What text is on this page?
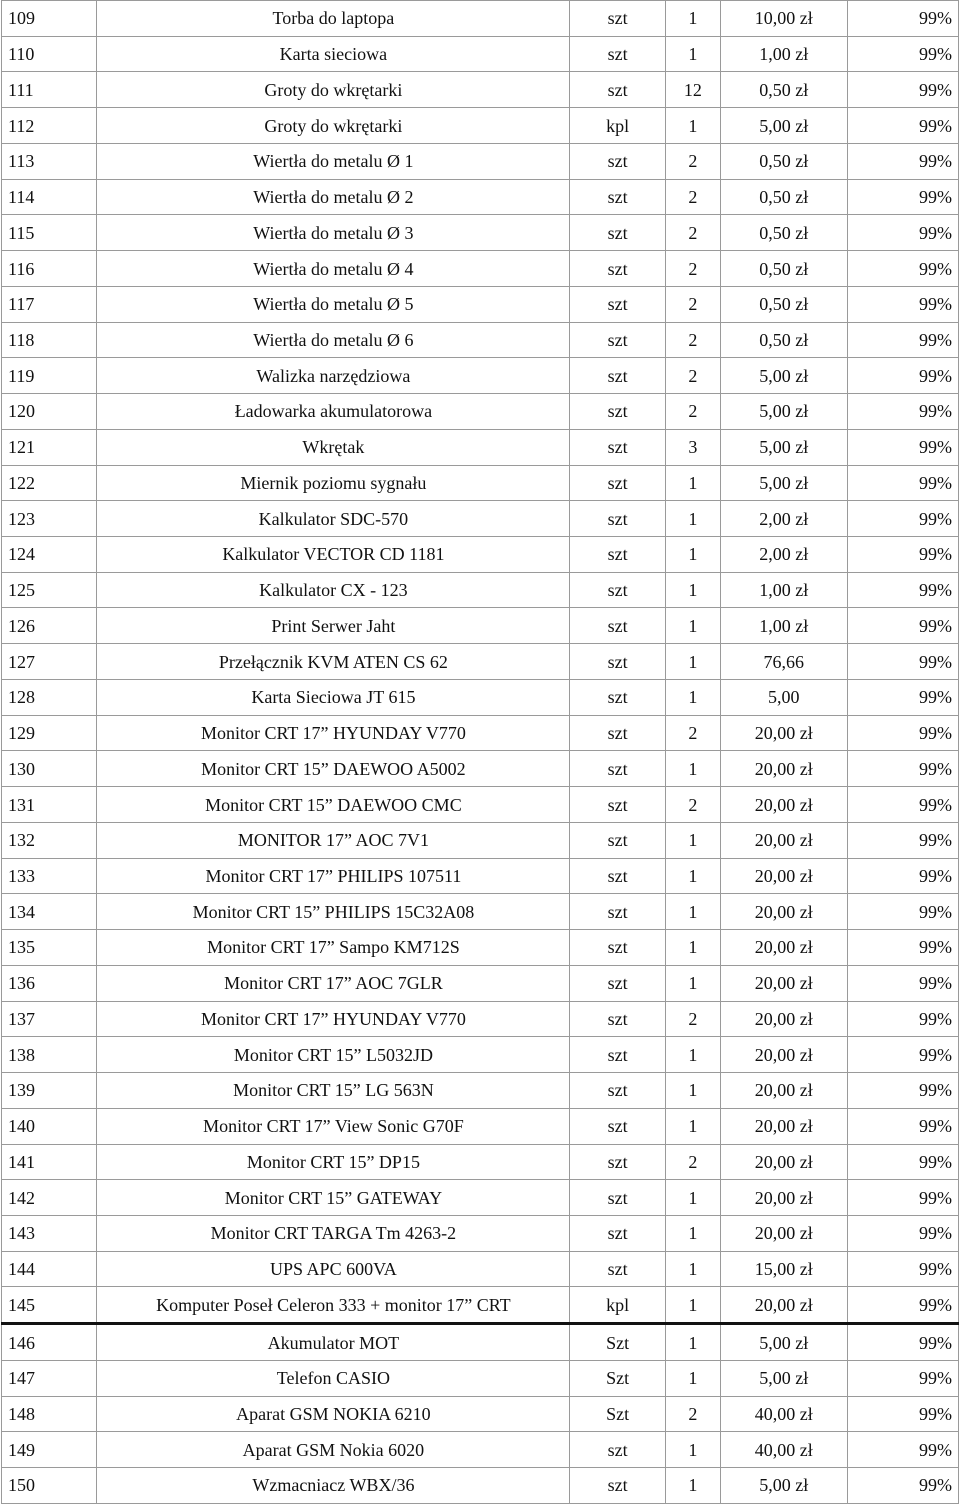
109	Torba do laptopa	szt	1	10,00 zł	99%
110	Karta sieciowa	szt	1	1,00 zł	99%
111	Groty do wkrętarki	szt	12	0,50 zł	99%
112	Groty do wkrętarki	kpl	1	5,00 zł	99%
113	Wiertła do metalu Ø 1	szt	2	0,50 zł	99%
114	Wiertła do metalu Ø 2	szt	2	0,50 zł	99%
115	Wiertła do metalu Ø 3	szt	2	0,50 zł	99%
116	Wiertła do metalu Ø 4	szt	2	0,50 zł	99%
117	Wiertła do metalu Ø 5	szt	2	0,50 zł	99%
118	Wiertła do metalu Ø 6	szt	2	0,50 zł	99%
119	Walizka narzędziowa	szt	2	5,00 zł	99%
120	Ładowarka akumulatorowa	szt	2	5,00 zł	99%
121	Wkrętak	szt	3	5,00 zł	99%
122	Miernik poziomu sygnału	szt	1	5,00 zł	99%
123	Kalkulator SDC-570	szt	1	2,00 zł	99%
124	Kalkulator VECTOR CD 1181	szt	1	2,00 zł	99%
125	Kalkulator CX - 123	szt	1	1,00 zł	99%
126	Print Serwer Jaht	szt	1	1,00 zł	99%
127	Przełącznik KVM ATEN CS 62	szt	1	76,66	99%
128	Karta Sieciowa JT 615	szt	1	5,00	99%
129	Monitor CRT 17” HYUNDAY V770	szt	2	20,00 zł	99%
130	Monitor CRT 15” DAEWOO A5002	szt	1	20,00 zł	99%
131	Monitor CRT 15” DAEWOO CMC	szt	2	20,00 zł	99%
132	MONITOR 17” AOC 7V1	szt	1	20,00 zł	99%
133	Monitor CRT 17” PHILIPS 107511	szt	1	20,00 zł	99%
134	Monitor CRT 15” PHILIPS 15C32A08	szt	1	20,00 zł	99%
135	Monitor CRT 17” Sampo KM712S	szt	1	20,00 zł	99%
136	Monitor CRT 17” AOC 7GLR	szt	1	20,00 zł	99%
137	Monitor CRT 17” HYUNDAY V770	szt	2	20,00 zł	99%
138	Monitor CRT 15” L5032JD	szt	1	20,00 zł	99%
139	Monitor CRT 15” LG 563N	szt	1	20,00 zł	99%
140	Monitor CRT 17” View Sonic G70F	szt	1	20,00 zł	99%
141	Monitor CRT 15” DP15	szt	2	20,00 zł	99%
142	Monitor CRT 15” GATEWAY	szt	1	20,00 zł	99%
143	Monitor CRT TARGA Tm 4263-2	szt	1	20,00 zł	99%
144	UPS APC 600VA	szt	1	15,00 zł	99%
145	Komputer Poseł Celeron 333 + monitor 17” CRT	kpl	1	20,00 zł	99%
146	Akumulator MOT	Szt	1	5,00 zł	99%
147	Telefon CASIO	Szt	1	5,00 zł	99%
148	Aparat GSM NOKIA 6210	Szt	2	40,00 zł	99%
149	Aparat GSM Nokia 6020	szt	1	40,00 zł	99%
150	Wzmacniacz WBX/36	szt	1	5,00 zł	99%
